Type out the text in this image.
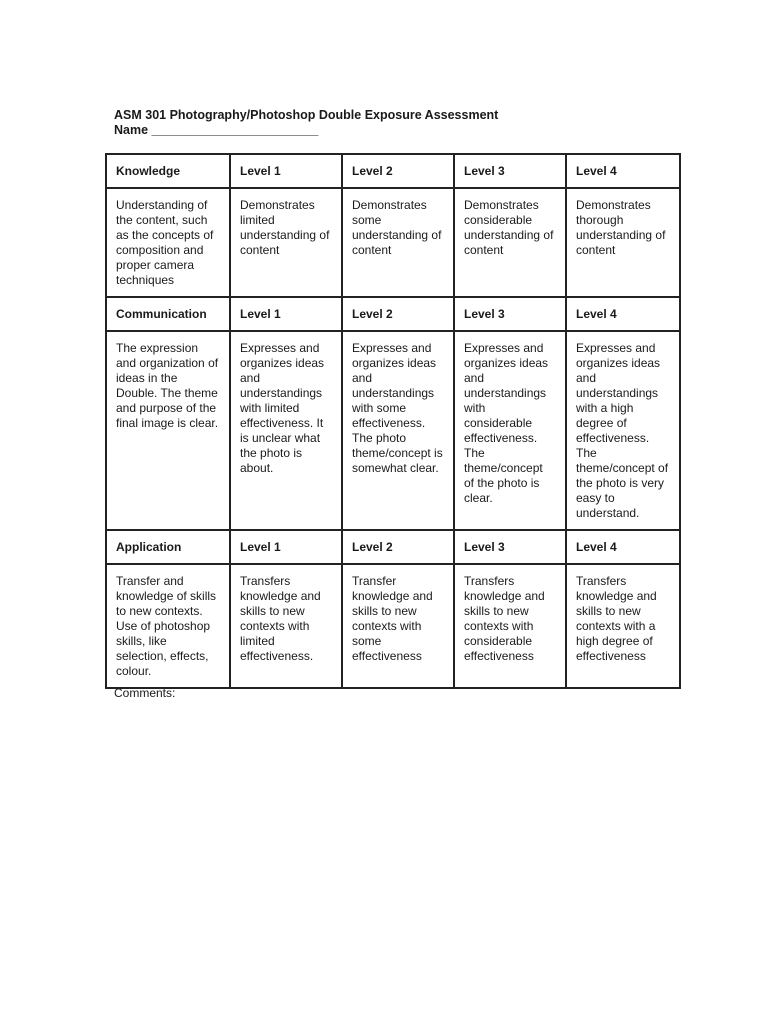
ASM 301 Photography/Photoshop Double Exposure Assessment
Name ________________________
Knowledge	Level 1	Level 2	Level 3	Level 4
Understanding of the content, such as the concepts of composition and proper camera techniques	Demonstrates limited understanding of content	Demonstrates some understanding of content	Demonstrates considerable understanding of content	Demonstrates thorough understanding of content
Communication	Level 1	Level 2	Level 3	Level 4
The expression and organization of ideas in the Double. The theme and purpose of the final image is clear.	Expresses and organizes ideas and understandings with limited effectiveness. It is unclear what the photo is about.	Expresses and organizes ideas and understandings with some effectiveness. The photo theme/concept is somewhat clear.	Expresses and organizes ideas and understandings with considerable effectiveness. The theme/concept of the photo is clear.	Expresses and organizes ideas and understandings with a high degree of effectiveness. The theme/concept of the photo is very easy to understand.
Application	Level 1	Level 2	Level 3	Level 4
Transfer and knowledge of skills to new contexts. Use of photoshop skills, like selection, effects, colour.	Transfers knowledge and skills to new contexts with limited effectiveness.	Transfer knowledge and skills to new contexts with some effectiveness	Transfers knowledge and skills to new contexts with considerable effectiveness	Transfers knowledge and skills to new contexts with a high degree of effectiveness
Comments:
